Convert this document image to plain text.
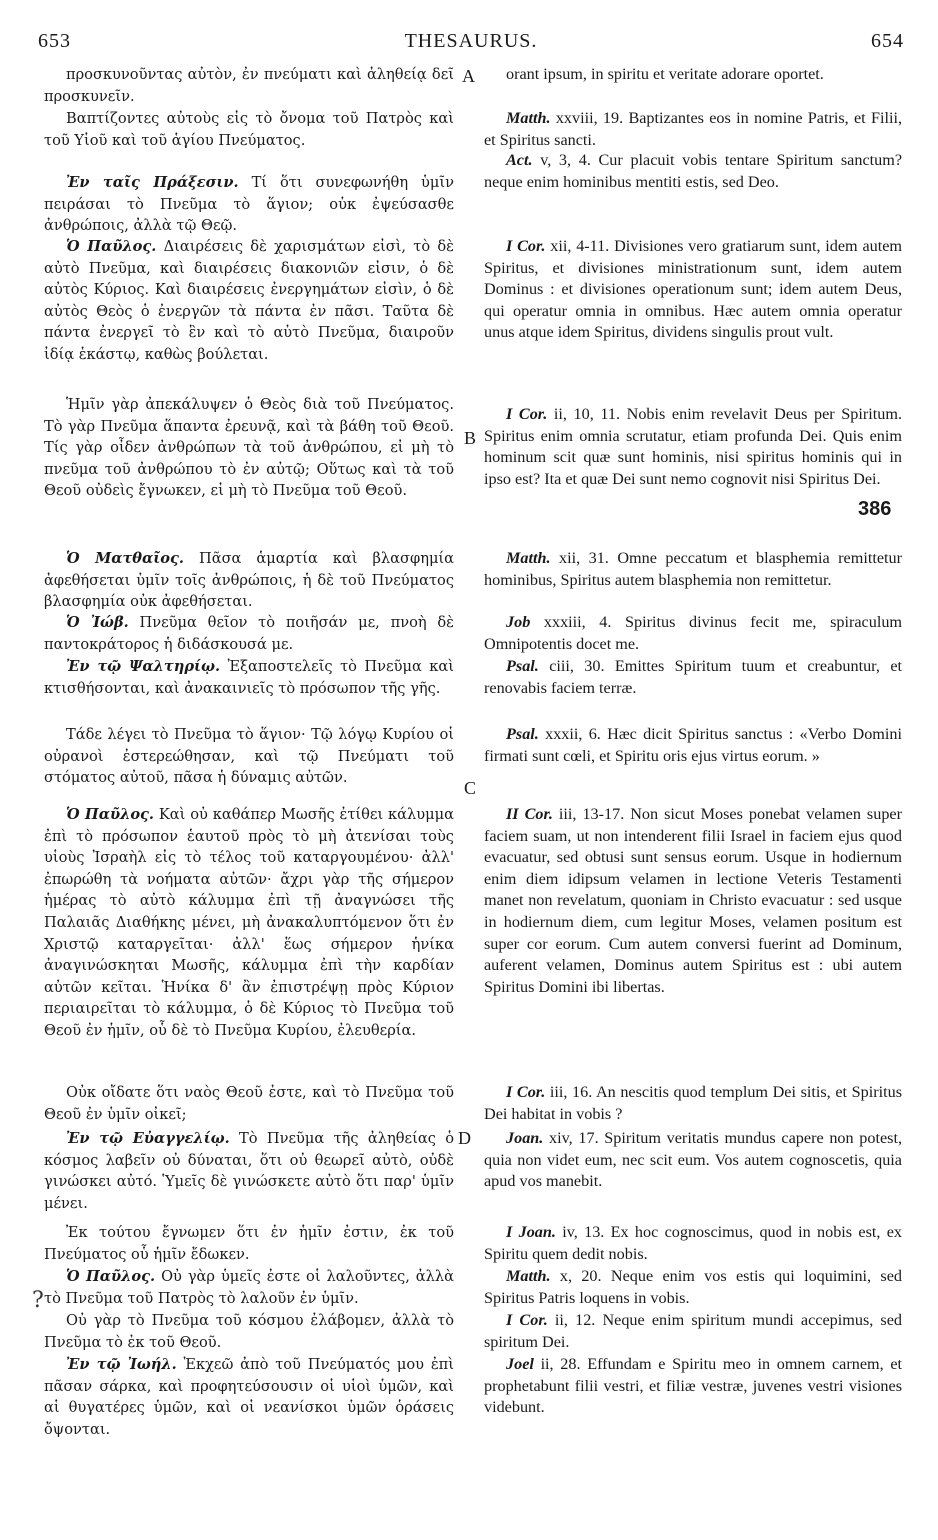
653	THESAURUS.	654
προσκυνοῦντας αὐτὸν, ἐν πνεύματι καὶ ἀληθείᾳ δεῖ προσκυνεῖν.
Βαπτίζοντες αὐτοὺς εἰς τὸ ὄνομα τοῦ Πατρὸς καὶ τοῦ Υἱοῦ καὶ τοῦ ἁγίου Πνεύματος.
Ἐν ταῖς Πράξεσιν. Τί ὅτι συνεφωνήθη ὑμῖν πειράσαι τὸ Πνεῦμα τὸ ἅγιον; οὐκ ἐψεύσασθε ἀνθρώποις, ἀλλὰ τῷ Θεῷ.
Ὁ Παῦλος. Διαιρέσεις δὲ χαρισμάτων εἰσὶ, τὸ δὲ αὐτὸ Πνεῦμα, καὶ διαιρέσεις διακονιῶν εἰσιν, ὁ δὲ αὐτὸς Κύριος. Καὶ διαιρέσεις ἐνεργημάτων εἰσὶν, ὁ δὲ αὐτὸς Θεὸς ὁ ἐνεργῶν τὰ πάντα ἐν πᾶσι. Ταῦτα δὲ πάντα ἐνεργεῖ τὸ ἓν καὶ τὸ αὐτὸ Πνεῦμα, διαιροῦν ἰδίᾳ ἑκάστῳ, καθὼς βούλεται.
Ἡμῖν γὰρ ἀπεκάλυψεν ὁ Θεὸς διὰ τοῦ Πνεύματος. Τὸ γὰρ Πνεῦμα ἅπαντα ἐρευνᾷ, καὶ τὰ βάθη τοῦ Θεοῦ. Τίς γὰρ οἶδεν ἀνθρώπων τὰ τοῦ ἀνθρώπου, εἰ μὴ τὸ πνεῦμα τοῦ ἀνθρώπου τὸ ἐν αὐτῷ; Οὕτως καὶ τὰ τοῦ Θεοῦ οὐδεὶς ἔγνωκεν, εἰ μὴ τὸ Πνεῦμα τοῦ Θεοῦ.
Ὁ Ματθαῖος. Πᾶσα ἁμαρτία καὶ βλασφημία ἀφεθήσεται ὑμῖν τοῖς ἀνθρώποις, ἡ δὲ τοῦ Πνεύματος βλασφημία οὐκ ἀφεθήσεται.
Ὁ Ἰώβ. Πνεῦμα θεῖον τὸ ποιῆσάν με, πνοὴ δὲ παντοκράτορος ἡ διδάσκουσά με.
Ἐν τῷ Ψαλτηρίῳ. Ἐξαποστελεῖς τὸ Πνεῦμα καὶ κτισθήσονται, καὶ ἀνακαινιεῖς τὸ πρόσωπον τῆς γῆς.
Τάδε λέγει τὸ Πνεῦμα τὸ ἅγιον· Τῷ λόγῳ Κυρίου οἱ οὐρανοὶ ἐστερεώθησαν, καὶ τῷ Πνεύματι τοῦ στόματος αὐτοῦ, πᾶσα ἡ δύναμις αὐτῶν.
Ὁ Παῦλος. Καὶ οὐ καθάπερ Μωσῆς ἐτίθει κάλυμμα ἐπὶ τὸ πρόσωπον ἑαυτοῦ πρὸς τὸ μὴ ἀτενίσαι τοὺς υἱοὺς Ἰσραὴλ εἰς τὸ τέλος τοῦ καταργουμένου· ἀλλ' ἐπωρώθη τὰ νοήματα αὐτῶν· ἄχρι γὰρ τῆς σήμερον ἡμέρας τὸ αὐτὸ κάλυμμα ἐπὶ τῇ ἀναγνώσει τῆς Παλαιᾶς Διαθήκης μένει, μὴ ἀνακαλυπτόμενον ὅτι ἐν Χριστῷ καταργεῖται· ἀλλ' ἕως σήμερον ἡνίκα ἀναγινώσκηται Μωσῆς, κάλυμμα ἐπὶ τὴν καρδίαν αὐτῶν κεῖται. Ἡνίκα δ' ἂν ἐπιστρέψῃ πρὸς Κύριον περιαιρεῖται τὸ κάλυμμα, ὁ δὲ Κύριος τὸ Πνεῦμα τοῦ Θεοῦ ἐν ἡμῖν, οὗ δὲ τὸ Πνεῦμα Κυρίου, ἐλευθερία.
Οὐκ οἴδατε ὅτι ναὸς Θεοῦ ἐστε, καὶ τὸ Πνεῦμα τοῦ Θεοῦ ἐν ὑμῖν οἰκεῖ;
Ἐν τῷ Εὐαγγελίῳ. Τὸ Πνεῦμα τῆς ἀληθείας ὁ κόσμος λαβεῖν οὐ δύναται, ὅτι οὐ θεωρεῖ αὐτὸ, οὐδὲ γινώσκει αὐτό. Ὑμεῖς δὲ γινώσκετε αὐτὸ ὅτι παρ' ὑμῖν μένει.
Ἐκ τούτου ἔγνωμεν ὅτι ἐν ἡμῖν ἐστιν, ἐκ τοῦ Πνεύματος οὗ ἡμῖν ἔδωκεν.
Ὁ Παῦλος. Οὐ γὰρ ὑμεῖς ἐστε οἱ λαλοῦντες, ἀλλὰ τὸ Πνεῦμα τοῦ Πατρὸς τὸ λαλοῦν ἐν ὑμῖν.
Οὐ γὰρ τὸ Πνεῦμα τοῦ κόσμου ἐλάβομεν, ἀλλὰ τὸ Πνεῦμα τὸ ἐκ τοῦ Θεοῦ.
Ἐν τῷ Ἰωήλ. Ἐκχεῶ ἀπὸ τοῦ Πνεύματός μου ἐπὶ πᾶσαν σάρκα, καὶ προφητεύσουσιν οἱ υἱοὶ ὑμῶν, καὶ αἱ θυγατέρες ὑμῶν, καὶ οἱ νεανίσκοι ὑμῶν ὁράσεις ὄψονται.
orant ipsum, in spiritu et veritate adorare oportet.
Matth. xxviii, 19. Baptizantes eos in nomine Patris, et Filii, et Spiritus sancti.
Act. v, 3, 4. Cur placuit vobis tentare Spiritum sanctum? neque enim hominibus mentiti estis, sed Deo.
I Cor. xii, 4-11. Divisiones vero gratiarum sunt, idem autem Spiritus, et divisiones ministrationum sunt, idem autem Dominus : et divisiones operationum sunt; idem autem Deus, qui operatur omnia in omnibus. Hæc autem omnia operatur unus atque idem Spiritus, dividens singulis prout vult.
I Cor. ii, 10, 11. Nobis enim revelavit Deus per Spiritum. Spiritus enim omnia scrutatur, etiam profunda Dei. Quis enim hominum scit quæ sunt hominis, nisi spiritus hominis qui in ipso est? Ita et quæ Dei sunt nemo cognovit nisi Spiritus Dei.
Matth. xii, 31. Omne peccatum et blasphemia remittetur hominibus, Spiritus autem blasphemia non remittetur.
Job xxxiii, 4. Spiritus divinus fecit me, spiraculum Omnipotentis docet me.
Psal. ciii, 30. Emittes Spiritum tuum et creabuntur, et renovabis faciem terræ.
Psal. xxxii, 6. Hæc dicit Spiritus sanctus : «Verbo Domini firmati sunt cœli, et Spiritu oris ejus virtus eorum. »
II Cor. iii, 13-17. Non sicut Moses ponebat velamen super faciem suam, ut non intenderent filii Israel in faciem ejus quod evacuatur, sed obtusi sunt sensus eorum. Usque in hodiernum enim diem idipsum velamen in lectione Veteris Testamenti manet non revelatum, quoniam in Christo evacuatur : sed usque in hodiernum diem, cum legitur Moses, velamen positum est super cor eorum. Cum autem conversi fuerint ad Dominum, auferent velamen, Dominus autem Spiritus est : ubi autem Spiritus Domini ibi libertas.
I Cor. iii, 16. An nescitis quod templum Dei sitis, et Spiritus Dei habitat in vobis ?
Joan. xiv, 17. Spiritum veritatis mundus capere non potest, quia non videt eum, nec scit eum. Vos autem cognoscetis, quia apud vos manebit.
I Joan. iv, 13. Ex hoc cognoscimus, quod in nobis est, ex Spiritu quem dedit nobis.
Matth. x, 20. Neque enim vos estis qui loquimini, sed Spiritus Patris loquens in vobis.
I Cor. ii, 12. Neque enim spiritum mundi accepimus, sed spiritum Dei.
Joel ii, 28. Effundam e Spiritu meo in omnem carnem, et prophetabunt filii vestri, et filiæ vestræ, juvenes vestri visiones videbunt.
A
B
C
D
386
?
